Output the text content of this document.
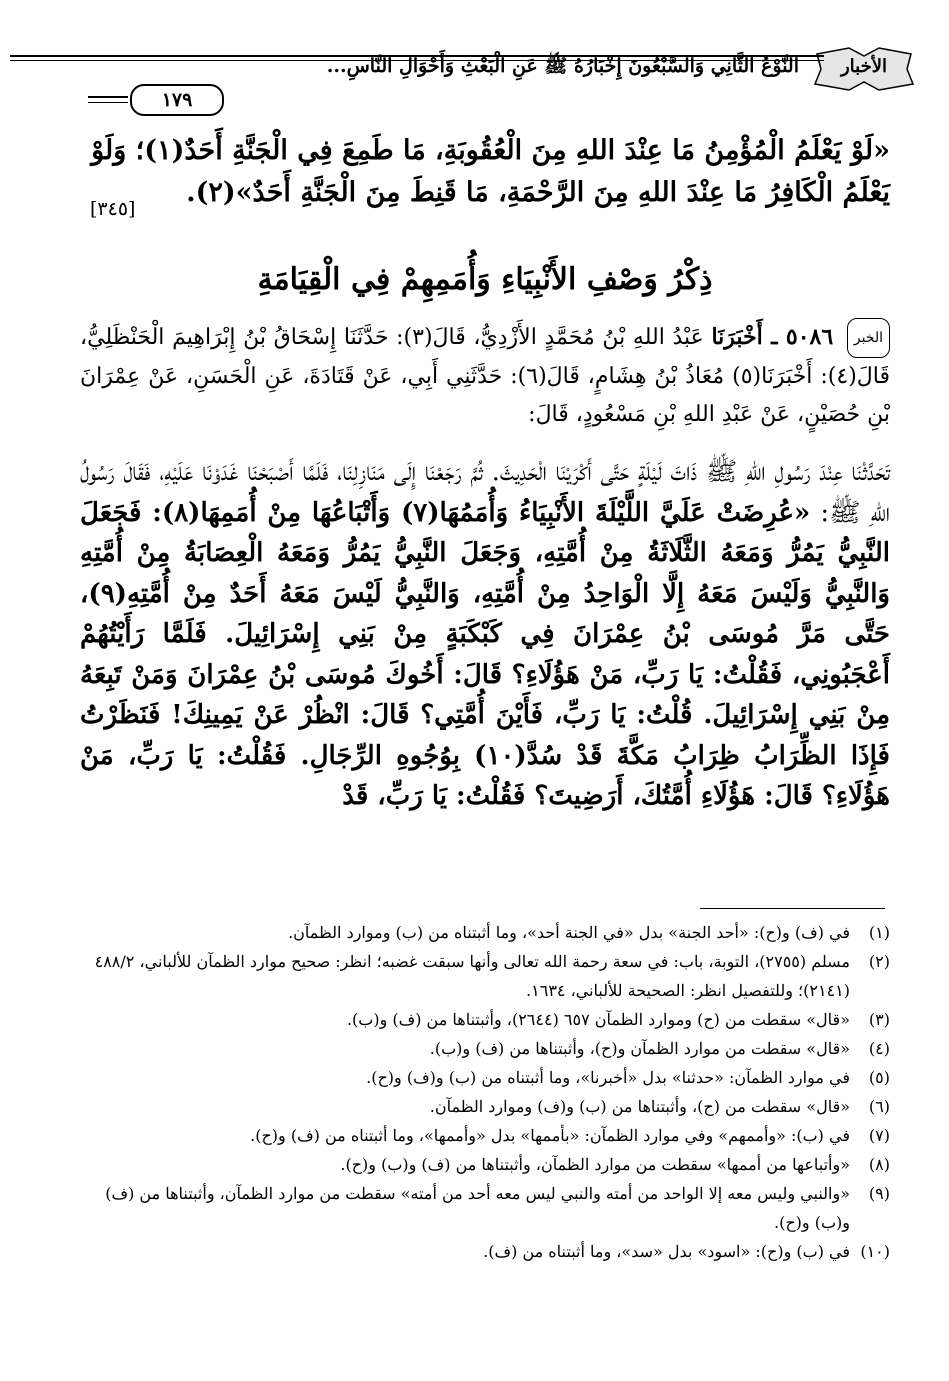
الأخبار
النَّوْعُ الثَّانِي وَالسَّبْعُونَ إِخْبَارُهُ ﷺ عَنِ الْبَعْثِ وَأَحْوَالِ النَّاسِ...
١٧٩

«لَوْ يَعْلَمُ الْمُؤْمِنُ مَا عِنْدَ اللهِ مِنَ الْعُقُوبَةِ، مَا طَمِعَ فِي الْجَنَّةِ أَحَدٌ(١)؛ وَلَوْ

يَعْلَمُ الْكَافِرُ مَا عِنْدَ اللهِ مِنَ الرَّحْمَةِ، مَا قَنِطَ مِنَ الْجَنَّةِ أَحَدٌ»(٢).

[٣٤٥]
ذِكْرُ وَصْفِ الأَنْبِيَاءِ وَأُمَمِهِمْ فِي الْقِيَامَةِ
الخبر ٥٠٨٦ ـ أَخْبَرَنَا عَبْدُ اللهِ بْنُ مُحَمَّدٍ الأَزْدِيُّ، قَالَ(٣): حَدَّثَنَا إِسْحَاقُ بْنُ إِبْرَاهِيمَ الْحَنْظَلِيُّ، قَالَ(٤): أَخْبَرَنَا(٥) مُعَاذُ بْنُ هِشَامٍ، قَالَ(٦): حَدَّثَنِي أَبِي، عَنْ قَتَادَةَ، عَنِ الْحَسَنِ، عَنْ عِمْرَانَ بْنِ حُصَيْنٍ، عَنْ عَبْدِ اللهِ بْنِ مَسْعُودٍ، قَالَ:
تَحَدَّثْنَا عِنْدَ رَسُولِ اللهِ ﷺ ذَاتَ لَيْلَةٍ حَتَّى أَكْرَيْنَا الْحَدِيثَ. ثُمَّ رَجَعْنَا إِلَى مَنَازِلِنَا، فَلَمَّا أَصْبَحْنَا غَدَوْنَا عَلَيْهِ، فَقَالَ رَسُولُ اللهِ ﷺ: «عُرِضَتْ عَلَيَّ اللَّيْلَةَ الأَنْبِيَاءُ وَأُمَمُهَا(٧) وَأَتْبَاعُهَا مِنْ أُمَمِهَا(٨): فَجَعَلَ النَّبِيُّ يَمُرُّ وَمَعَهُ الثَّلَاثَةُ مِنْ أُمَّتِهِ، وَجَعَلَ النَّبِيُّ يَمُرُّ وَمَعَهُ الْعِصَابَةُ مِنْ أُمَّتِهِ وَالنَّبِيُّ وَلَيْسَ مَعَهُ إِلَّا الْوَاحِدُ مِنْ أُمَّتِهِ، وَالنَّبِيُّ لَيْسَ مَعَهُ أَحَدٌ مِنْ أُمَّتِهِ(٩)، حَتَّى مَرَّ مُوسَى بْنُ عِمْرَانَ فِي كَبْكَبَةٍ مِنْ بَنِي إِسْرَائِيلَ. فَلَمَّا رَأَيْتُهُمْ أَعْجَبُونِي، فَقُلْتُ: يَا رَبِّ، مَنْ هَؤُلَاءِ؟ قَالَ: أَخُوكَ مُوسَى بْنُ عِمْرَانَ وَمَنْ تَبِعَهُ مِنْ بَنِي إِسْرَائِيلَ. قُلْتُ: يَا رَبِّ، فَأَيْنَ أُمَّتِي؟ قَالَ: انْظُرْ عَنْ يَمِينِكَ! فَنَظَرْتُ فَإِذَا الظِّرَابُ ظِرَابُ مَكَّةَ قَدْ سُدَّ(١٠) بِوُجُوهِ الرِّجَالِ. فَقُلْتُ: يَا رَبِّ، مَنْ هَؤُلَاءِ؟ قَالَ: هَؤُلَاءِ أُمَّتُكَ، أَرَضِيتَ؟ فَقُلْتُ: يَا رَبِّ، قَدْ
(١)
في (ف) و(ح): «أحد الجنة» بدل «في الجنة أحد»، وما أثبتناه من (ب) وموارد الظمآن.
(٢)
مسلم (٢٧٥٥)، التوبة، باب: في سعة رحمة الله تعالى وأنها سبقت غضبه؛ انظر: صحيح موارد الظمآن للألباني، ٤٨٨/٢ (٢١٤١)؛ وللتفصيل انظر: الصحيحة للألباني، ١٦٣٤.
(٣)
«قال» سقطت من (ح) وموارد الظمآن ٦٥٧ (٢٦٤٤)، وأثبتناها من (ف) و(ب).
(٤)
«قال» سقطت من موارد الظمآن و(ح)، وأثبتناها من (ف) و(ب).
(٥)
في موارد الظمآن: «حدثنا» بدل «أخبرنا»، وما أثبتناه من (ب) و(ف) و(ح).
(٦)
«قال» سقطت من (ح)، وأثبتناها من (ب) و(ف) وموارد الظمآن.
(٧)
في (ب): «وأممهم» وفي موارد الظمآن: «بأممها» بدل «وأممها»، وما أثبتناه من (ف) و(ح).
(٨)
«وأتباعها من أممها» سقطت من موارد الظمآن، وأثبتناها من (ف) و(ب) و(ح).
(٩)
«والنبي وليس معه إلا الواحد من أمته والنبي ليس معه أحد من أمته» سقطت من موارد الظمآن، وأثبتناها من (ف) و(ب) و(ح).
(١٠)
في (ب) و(ح): «اسود» بدل «سد»، وما أثبتناه من (ف).
